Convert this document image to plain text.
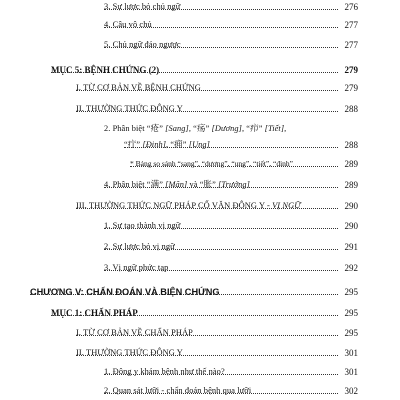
3. Sự lược bỏ chủ ngữ	276
4. Câu vô chủ	277
5. Chủ ngữ đảo ngược	277
MỤC 5: BỆNH CHỨNG (2)	279
I. TỪ CƠ BẢN VỀ BỆNH CHỨNG	279
II. THƯỜNG THỨC ĐÔNG Y	288
2. Phân biệt “疮” [Sang], “疡” [Dương], “疖” [Tiết],
“疔” [Đinh], “痈” [Ung]	288
* Bảng so sánh “sang”, “dương”, “ung”, “tiết”, “đinh”	289
4. Phân biệt “满” [Mãn] và “胀” [Trướng]	289
III. THƯỜNG THỨC NGỮ PHÁP CỔ VĂN ĐÔNG Y - VỊ NGỮ	290
1. Sự tạo thành vị ngữ	290
2. Sự lược bỏ vị ngữ	291
3. Vị ngữ phức tạp	292
CHƯƠNG V: CHẨN ĐOÁN VÀ BIỆN CHỨNG	295
MỤC 1: CHẨN PHÁP	295
I. TỪ CƠ BẢN VỀ CHẨN PHÁP	295
II. THƯỜNG THỨC ĐÔNG Y	301
1. Đông y khám bệnh như thế nào?	301
2. Quan sát lưỡi - chẩn đoán bệnh qua lưỡi	302
